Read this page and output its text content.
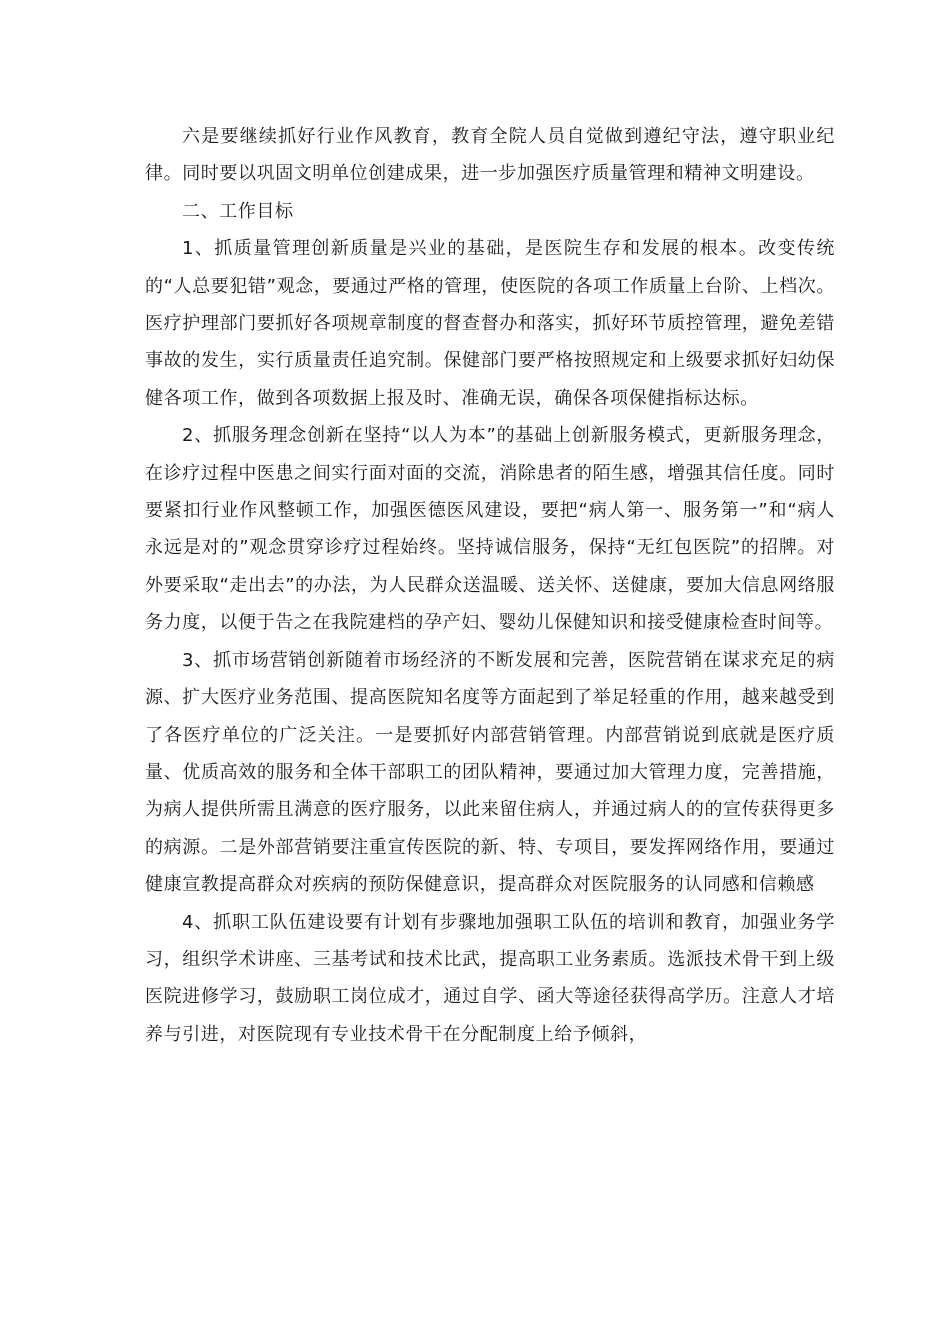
六是要继续抓好行业作风教育，教育全院人员自觉做到遵纪守法，遵守职业纪律。同时要以巩固文明单位创建成果，进一步加强医疗质量管理和精神文明建设。

二、工作目标

1、抓质量管理创新质量是兴业的基础，是医院生存和发展的根本。改变传统的“人总要犯错”观念，要通过严格的管理，使医院的各项工作质量上台阶、上档次。医疗护理部门要抓好各项规章制度的督查督办和落实，抓好环节质控管理，避免差错事故的发生，实行质量责任追究制。保健部门要严格按照规定和上级要求抓好妇幼保健各项工作，做到各项数据上报及时、准确无误，确保各项保健指标达标。

2、抓服务理念创新在坚持“以人为本”的基础上创新服务模式，更新服务理念，在诊疗过程中医患之间实行面对面的交流，消除患者的陌生感，增强其信任度。同时要紧扣行业作风整顿工作，加强医德医风建设，要把“病人第一、服务第一”和“病人永远是对的”观念贯穿诊疗过程始终。坚持诚信服务，保持“无红包医院”的招牌。对外要采取“走出去”的办法，为人民群众送温暖、送关怀、送健康，要加大信息网络服务力度，以便于告之在我院建档的孕产妇、婴幼儿保健知识和接受健康检查时间等。

3、抓市场营销创新随着市场经济的不断发展和完善，医院营销在谋求充足的病源、扩大医疗业务范围、提高医院知名度等方面起到了举足轻重的作用，越来越受到了各医疗单位的广泛关注。一是要抓好内部营销管理。内部营销说到底就是医疗质量、优质高效的服务和全体干部职工的团队精神，要通过加大管理力度，完善措施，为病人提供所需且满意的医疗服务，以此来留住病人，并通过病人的的宣传获得更多的病源。二是外部营销要注重宣传医院的新、特、专项目，要发挥网络作用，要通过健康宣教提高群众对疾病的预防保健意识，提高群众对医院服务的认同感和信赖感

4、抓职工队伍建设要有计划有步骤地加强职工队伍的培训和教育，加强业务学习，组织学术讲座、三基考试和技术比武，提高职工业务素质。选派技术骨干到上级医院进修学习，鼓励职工岗位成才，通过自学、函大等途径获得高学历。注意人才培养与引进，对医院现有专业技术骨干在分配制度上给予倾斜，
